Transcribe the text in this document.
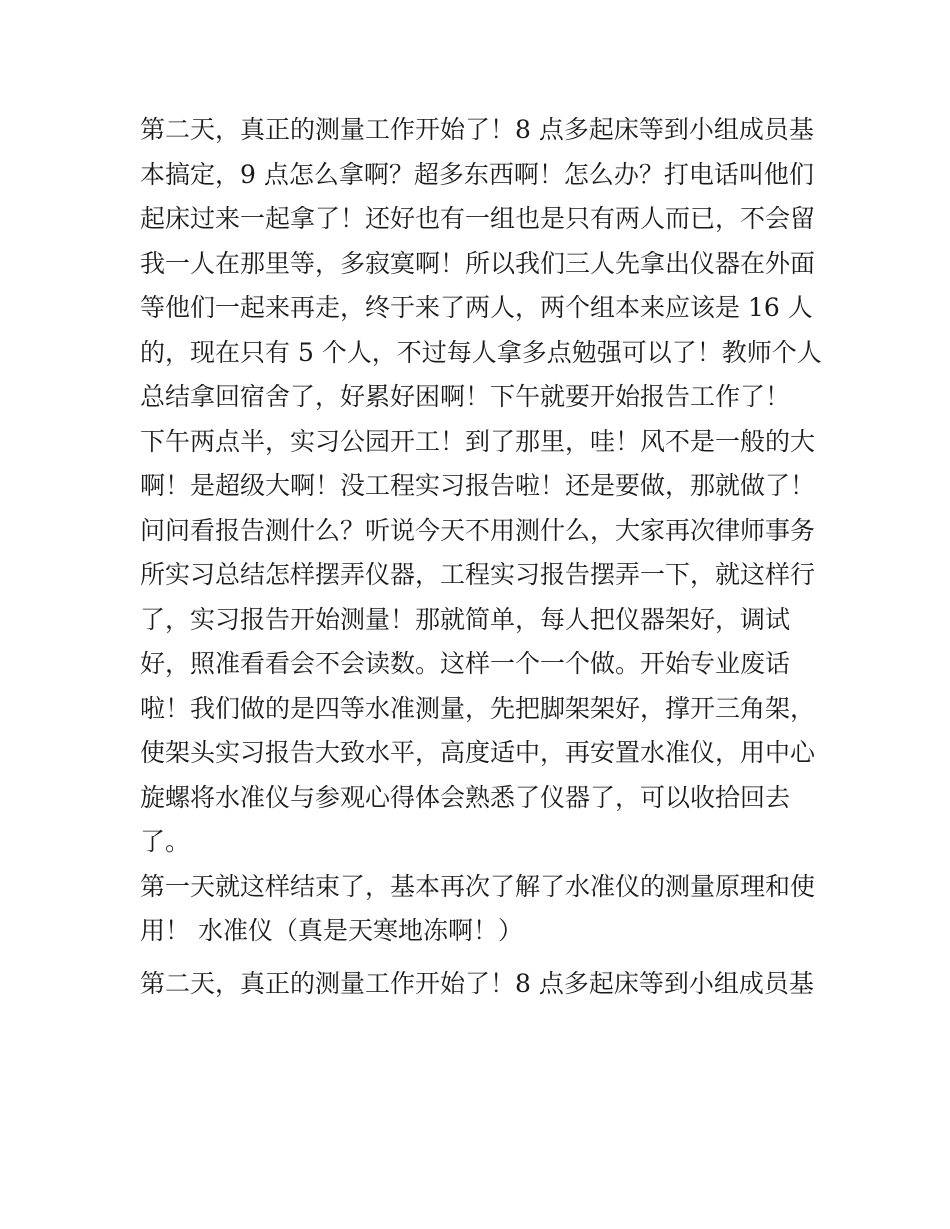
第二天，真正的测量工作开始了！8 点多起床等到小组成员基
本搞定，9 点怎么拿啊？超多东西啊！怎么办？打电话叫他们
起床过来一起拿了！还好也有一组也是只有两人而已，不会留
我一人在那里等，多寂寞啊！所以我们三人先拿出仪器在外面
等他们一起来再走，终于来了两人，两个组本来应该是 16 人
的，现在只有 5 个人，不过每人拿多点勉强可以了！教师个人
总结拿回宿舍了，好累好困啊！下午就要开始报告工作了！
下午两点半，实习公园开工！到了那里，哇！风不是一般的大
啊！是超级大啊！没工程实习报告啦！还是要做，那就做了！
问问看报告测什么？听说今天不用测什么，大家再次律师事务
所实习总结怎样摆弄仪器，工程实习报告摆弄一下，就这样行
了，实习报告开始测量！那就简单，每人把仪器架好，调试
好，照准看看会不会读数。这样一个一个做。开始专业废话
啦！我们做的是四等水准测量，先把脚架架好，撑开三角架，
使架头实习报告大致水平，高度适中，再安置水准仪，用中心
旋螺将水准仪与参观心得体会熟悉了仪器了，可以收拾回去
了。
第一天就这样结束了，基本再次了解了水准仪的测量原理和使
用！ 水准仪（真是天寒地冻啊！）
第二天，真正的测量工作开始了！8 点多起床等到小组成员基
